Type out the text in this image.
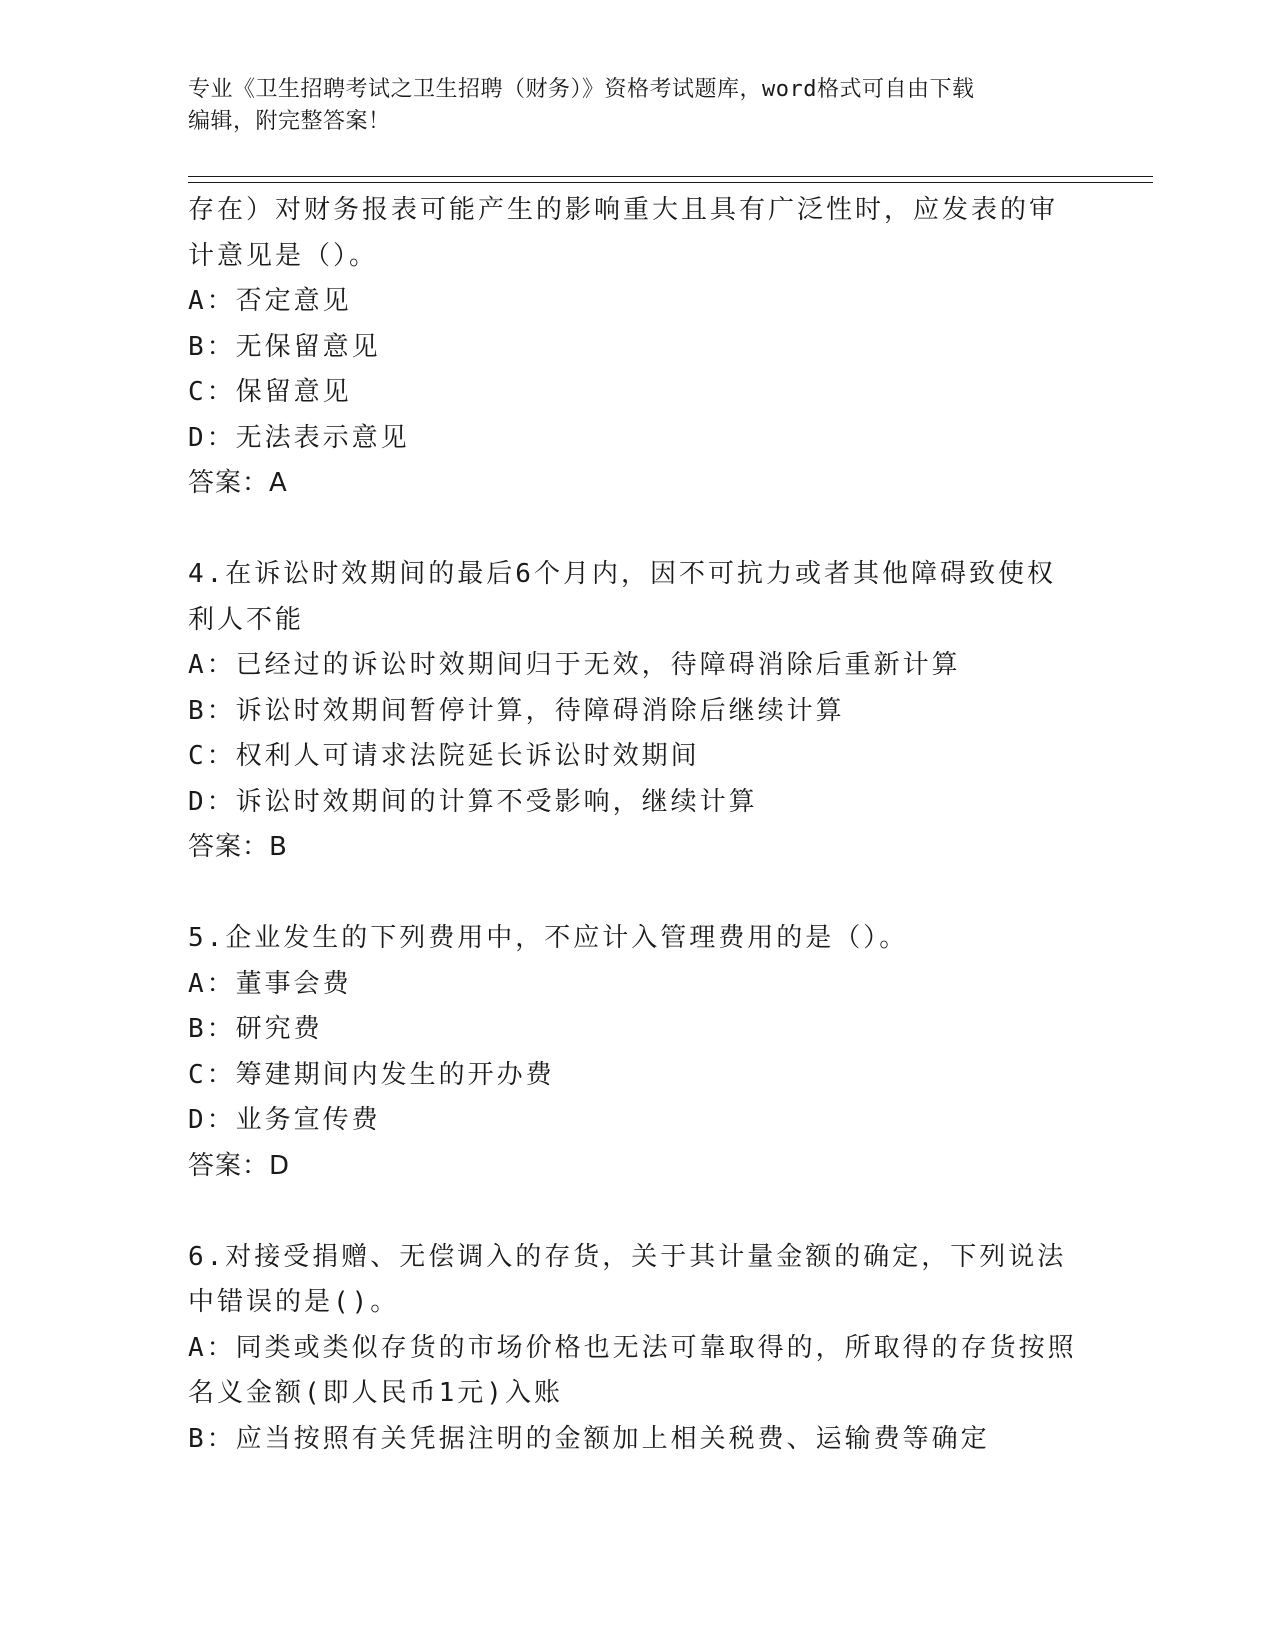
专业《卫生招聘考试之卫生招聘（财务）》资格考试题库，word格式可自由下载
编辑，附完整答案！
存在）对财务报表可能产生的影响重大且具有广泛性时，应发表的审
计意见是（）。
A：否定意见
B：无保留意见
C：保留意见
D：无法表示意见
答案：A
4.在诉讼时效期间的最后6个月内，因不可抗力或者其他障碍致使权
利人不能
A：已经过的诉讼时效期间归于无效，待障碍消除后重新计算
B：诉讼时效期间暂停计算，待障碍消除后继续计算
C：权利人可请求法院延长诉讼时效期间
D：诉讼时效期间的计算不受影响，继续计算
答案：B
5.企业发生的下列费用中，不应计入管理费用的是（）。
A：董事会费
B：研究费
C：筹建期间内发生的开办费
D：业务宣传费
答案：D
6.对接受捐赠、无偿调入的存货，关于其计量金额的确定，下列说法
中错误的是()。
A：同类或类似存货的市场价格也无法可靠取得的，所取得的存货按照
名义金额(即人民币1元)入账
B：应当按照有关凭据注明的金额加上相关税费、运输费等确定
